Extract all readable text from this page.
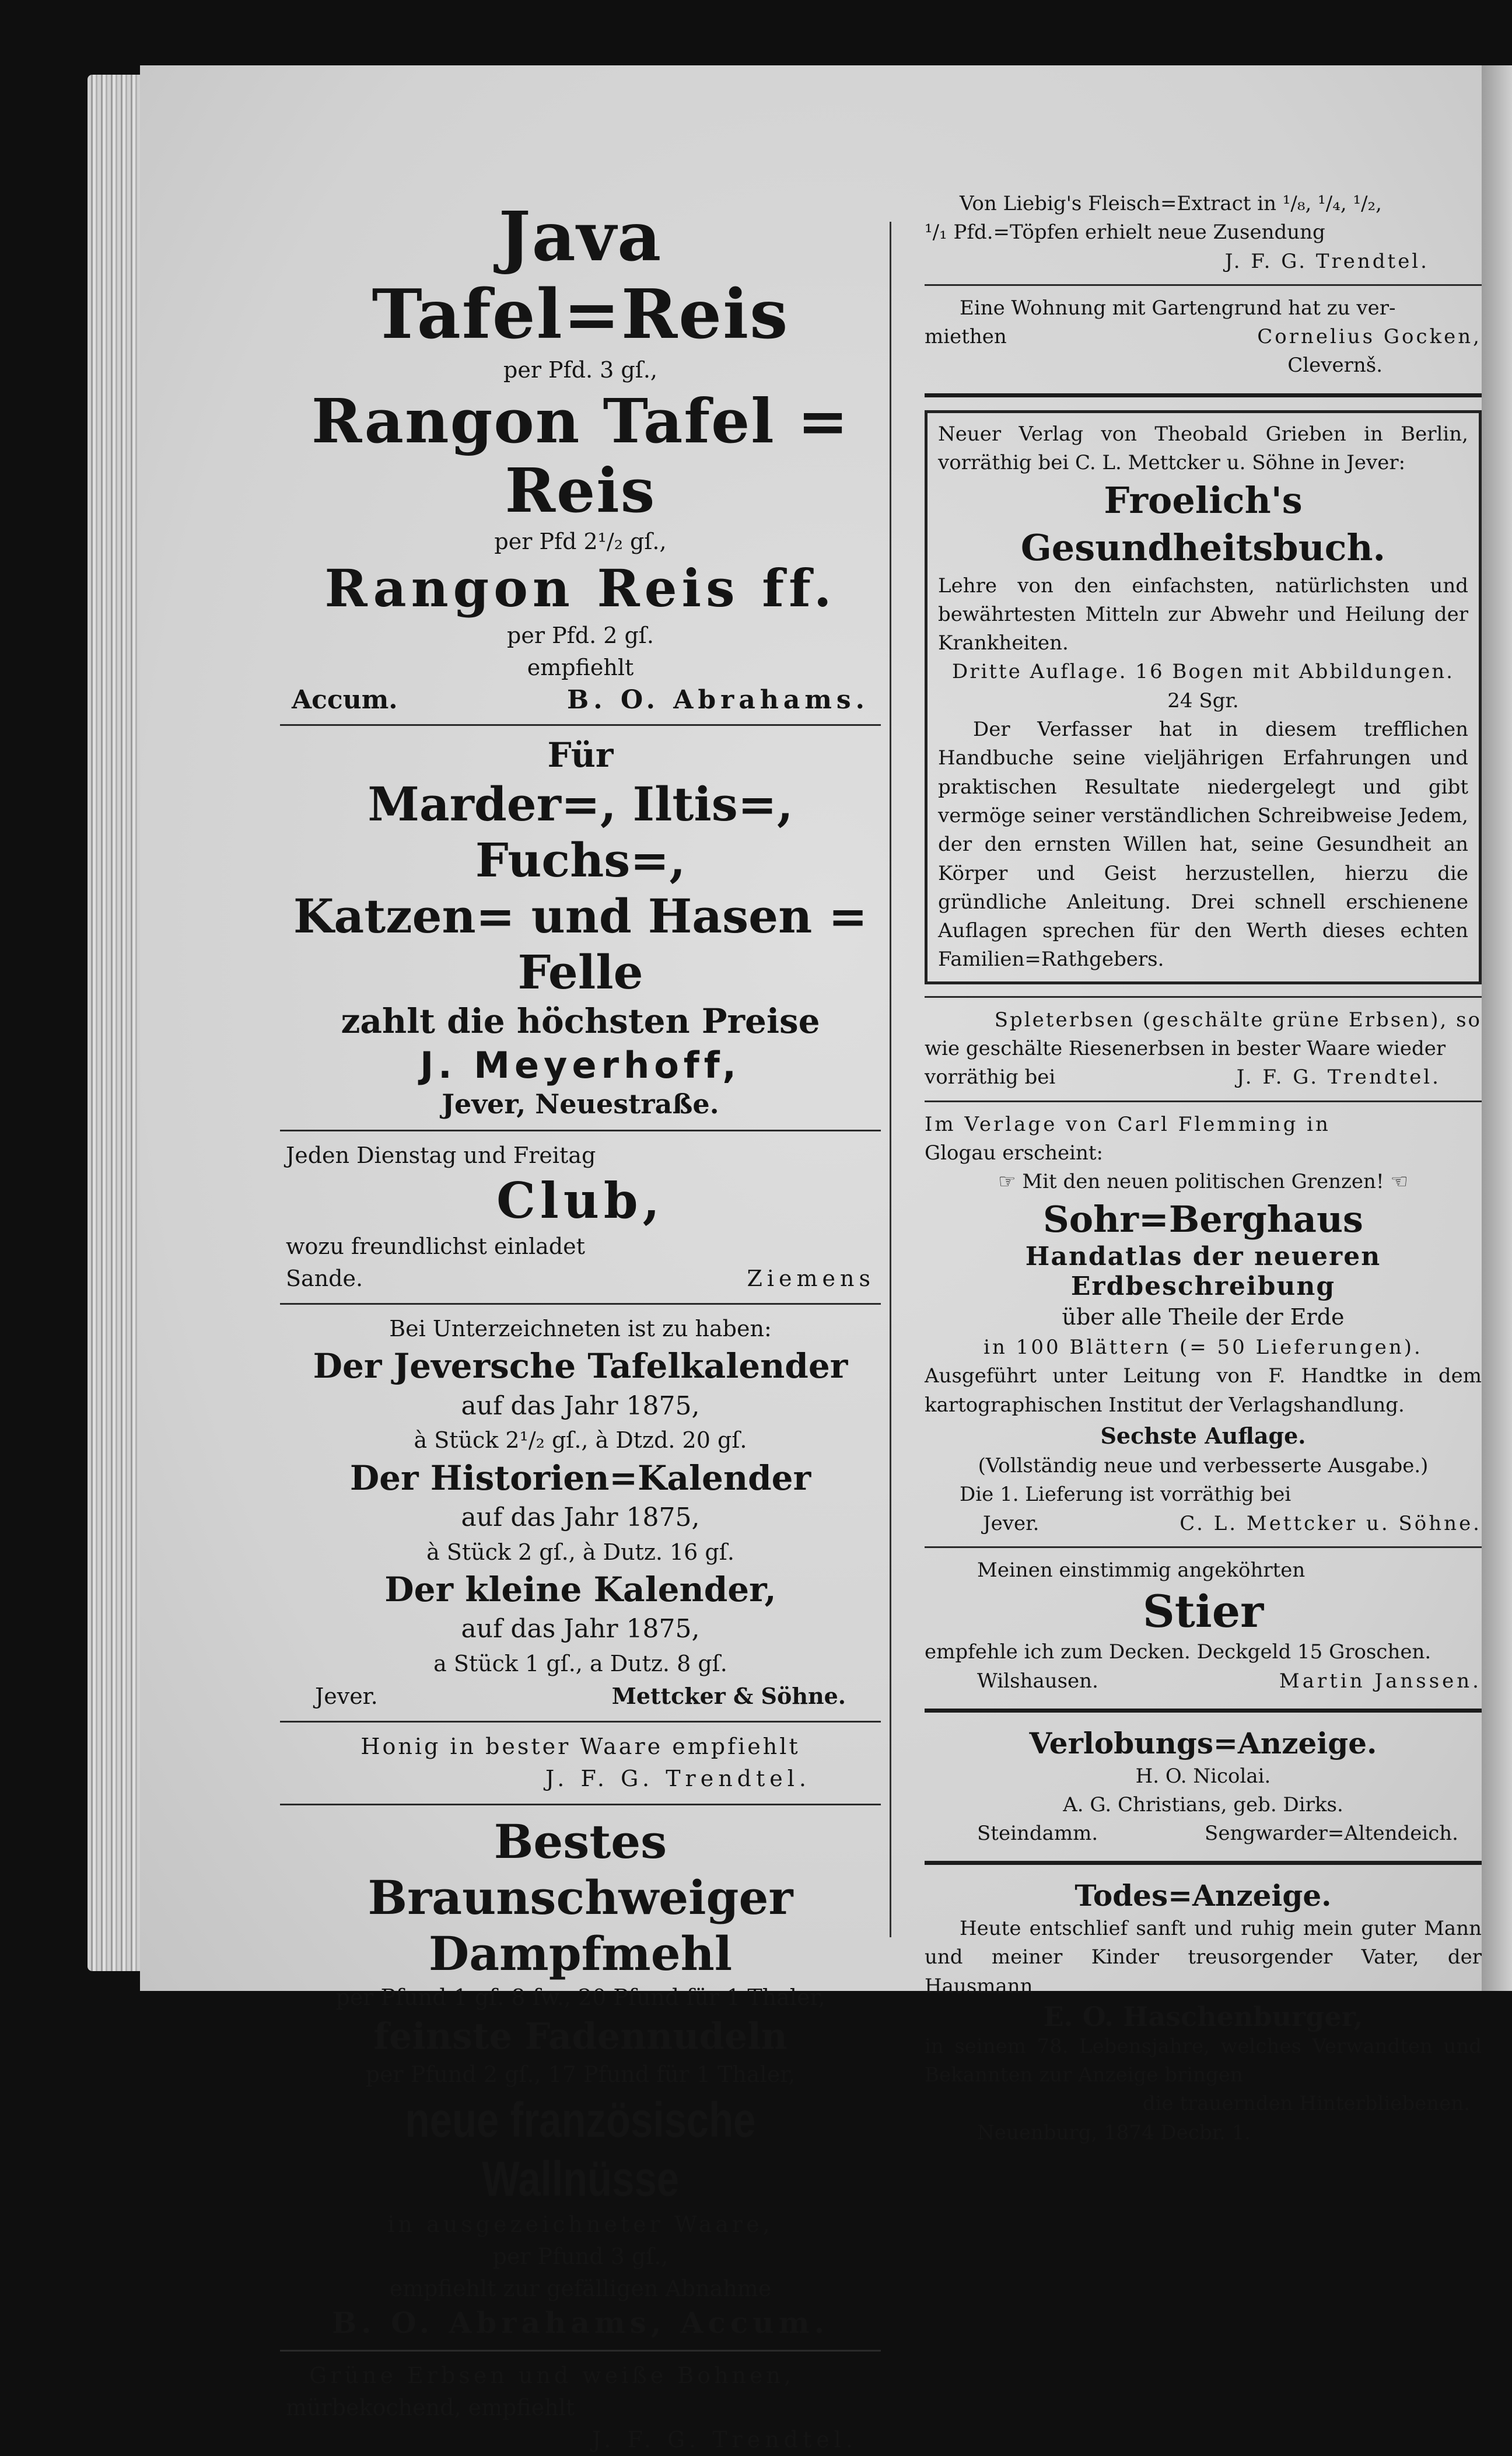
Java Tafel=Reis
per Pfd. 3 gſ.,
Rangon Tafel = Reis
per Pfd 2¹/₂ gſ.,
Rangon Reis ff.
per Pfd. 2 gſ.
empfiehlt
Accum.	B. O. Abrahams.
Für
Marder=, Iltis=, Fuchs=,
Katzen= und Hasen = Felle
zahlt die höchsten Preise
J. Meyerhoff,
Jever, Neuestraße.
Jeden Dienstag und Freitag
Club,
wozu freundlichst einladet
Sande.	Ziemens
Bei Unterzeichneten ist zu haben:
Der Jeversche Tafelkalender
auf das Jahr 1875,
à Stück 2¹/₂ gſ., à Dtzd. 20 gſ.
Der Historien=Kalender
auf das Jahr 1875,
à Stück 2 gſ., à Dutz. 16 gſ.
Der kleine Kalender,
auf das Jahr 1875,
a Stück 1 gſ., a Dutz. 8 gſ.
Jever.	Mettcker & Söhne.
Honig in bester Waare empfiehlt
J. F. G. Trendtel.
Bestes Braunschweiger
Dampfmehl
per Pfund 1 gſ. 8 ſw., 20 Pfund für 1 Thaler,
feinste Fadennudeln
per Pfund 2 gſ., 17 Pfund für 1 Thaler,
neue französische Wallnüsse
in ausgezeichneter Waare,
per Pfund 3 gſ.,
empfiehlt zur gefälligen Abnahme
B. O. Abrahams, Accum.
Grüne Erbsen und weiße Bohnen,
mürbekochend, empfiehlt
J. F. G. Trendtel.
Von Liebig's Fleisch=Extract in ¹/₈, ¹/₄, ¹/₂,
¹/₁ Pfd.=Töpfen erhielt neue Zusendung
J. F. G. Trendtel.
Eine Wohnung mit Gartengrund hat zu ver-
miethen	Cornelius Gocken,
Clevernš.
Neuer Verlag von Theobald Grieben in Berlin, vorräthig bei C. L. Mettcker u. Söhne in Jever:
Froelich's Gesundheitsbuch.
Lehre von den einfachsten, natürlichsten und bewährtesten Mitteln zur Abwehr und Heilung der Krankheiten.
Dritte Auflage. 16 Bogen mit Abbildungen.
24 Sgr.
Der Verfasser hat in diesem trefflichen Handbuche seine vieljährigen Erfahrungen und praktischen Resultate niedergelegt und gibt vermöge seiner verständlichen Schreibweise Jedem, der den ernsten Willen hat, seine Gesundheit an Körper und Geist herzustellen, hierzu die gründliche Anleitung. Drei schnell erschienene Auflagen sprechen für den Werth dieses echten Familien=Rathgebers.
Spleterbsen (geschälte grüne Erbsen), so
wie geschälte Riesenerbsen in bester Waare wieder
vorräthig bei	J. F. G. Trendtel.
Im Verlage von Carl Flemming in
Glogau erscheint:
☞ Mit den neuen politischen Grenzen! ☜
Sohr=Berghaus
Handatlas der neueren Erdbeschreibung
über alle Theile der Erde
in 100 Blättern (= 50 Lieferungen).
Ausgeführt unter Leitung von F. Handtke in dem kartographischen Institut der Verlagshandlung.
Sechste Auflage.
(Vollständig neue und verbesserte Ausgabe.)
Die 1. Lieferung ist vorräthig bei
Jever.	C. L. Mettcker u. Söhne.
Meinen einstimmig angeköhrten
Stier
empfehle ich zum Decken. Deckgeld 15 Groschen.
Wilshausen.	Martin Janssen.
Verlobungs=Anzeige.
H. O. Nicolai.
A. G. Christians, geb. Dirks.
Steindamm.	Sengwarder=Altendeich.
Todes=Anzeige.
Heute entschlief sanft und ruhig mein guter Mann und meiner Kinder treusorgender Vater, der Hausmann
E. O. Haschenburger,
in seinem 78. Lebensjahre, welches Verwandten und Bekannten zur Anzeige bringen
die trauernden Hinterbliebenen.
Neuenburg, 1874 Decbr. 1.
